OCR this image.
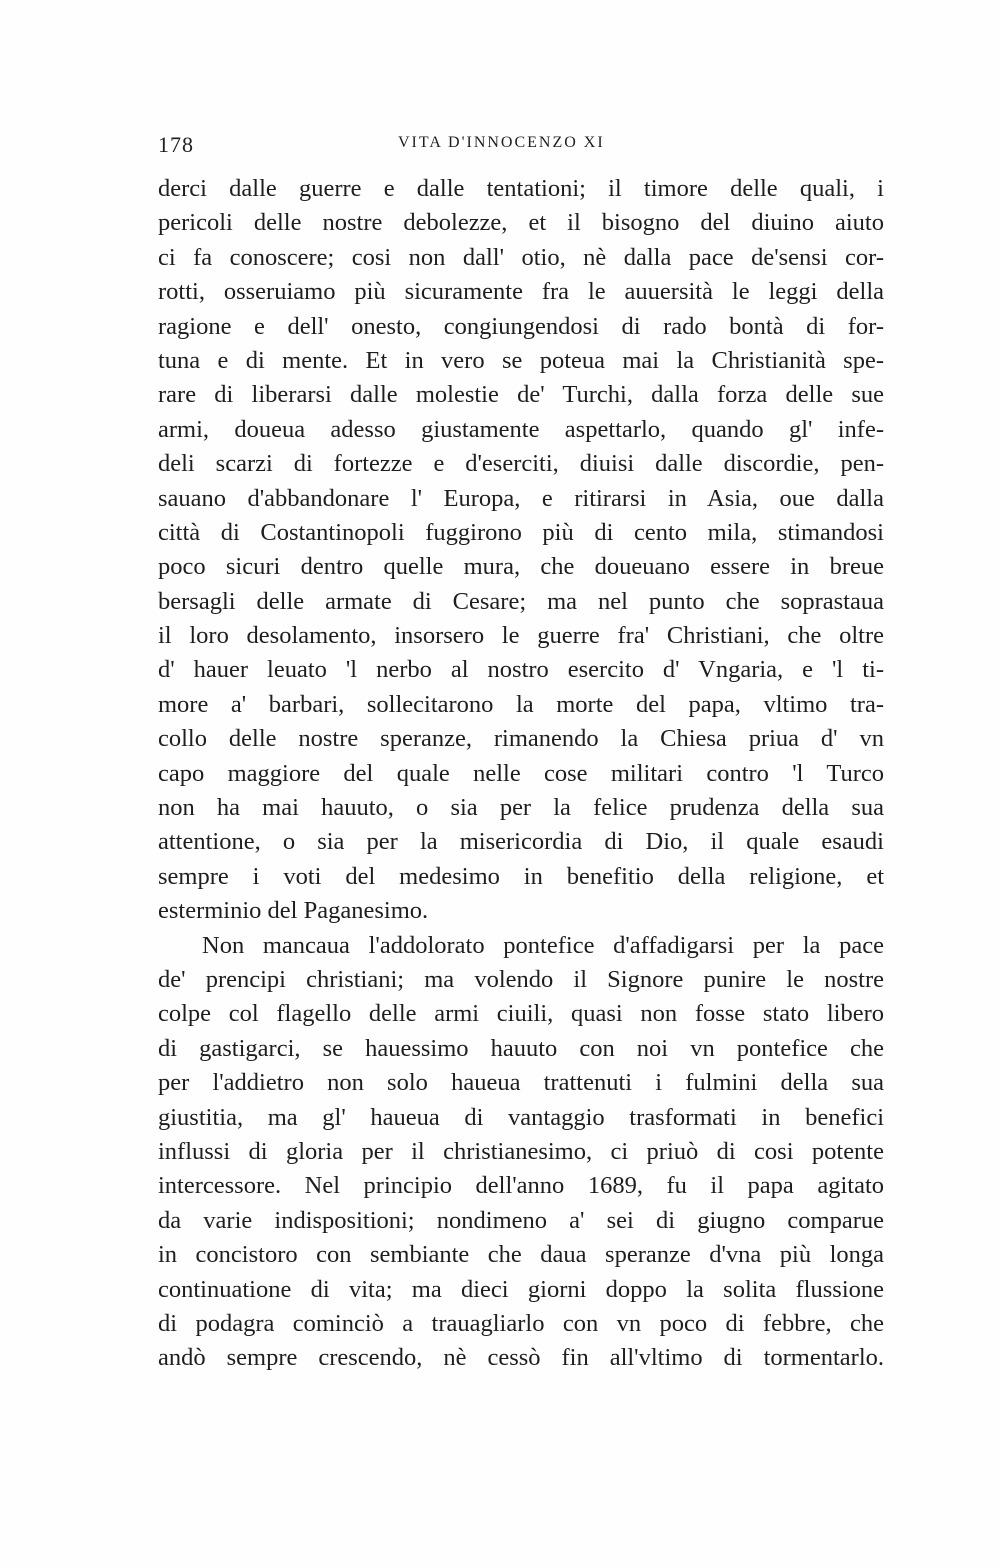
178	VITA D'INNOCENZO XI
derci dalle guerre e dalle tentationi; il timore delle quali, i
pericoli delle nostre debolezze, et il bisogno del diuino aiuto
ci fa conoscere; cosi non dall' otio, nè dalla pace de'sensi cor-
rotti, osseruiamo più sicuramente fra le auuersità le leggi della
ragione e dell' onesto, congiungendosi di rado bontà di for-
tuna e di mente. Et in vero se poteua mai la Christianità spe-
rare di liberarsi dalle molestie de' Turchi, dalla forza delle sue
armi, doueua adesso giustamente aspettarlo, quando gl' infe-
deli scarzi di fortezze e d'eserciti, diuisi dalle discordie, pen-
sauano d'abbandonare l' Europa, e ritirarsi in Asia, oue dalla
città di Costantinopoli fuggirono più di cento mila, stimandosi
poco sicuri dentro quelle mura, che doueuano essere in breue
bersagli delle armate di Cesare; ma nel punto che soprastaua
il loro desolamento, insorsero le guerre fra' Christiani, che oltre
d' hauer leuato 'l nerbo al nostro esercito d' Vngaria, e 'l ti-
more a' barbari, sollecitarono la morte del papa, vltimo tra-
collo delle nostre speranze, rimanendo la Chiesa priua d' vn
capo maggiore del quale nelle cose militari contro 'l Turco
non ha mai hauuto, o sia per la felice prudenza della sua
attentione, o sia per la misericordia di Dio, il quale esaudi
sempre i voti del medesimo in benefitio della religione, et
esterminio del Paganesimo.
Non mancaua l'addolorato pontefice d'affadigarsi per la pace
de' prencipi christiani; ma volendo il Signore punire le nostre
colpe col flagello delle armi ciuili, quasi non fosse stato libero
di gastigarci, se hauessimo hauuto con noi vn pontefice che
per l'addietro non solo haueua trattenuti i fulmini della sua
giustitia, ma gl' haueua di vantaggio trasformati in benefici
influssi di gloria per il christianesimo, ci priuò di cosi potente
intercessore. Nel principio dell'anno 1689, fu il papa agitato
da varie indispositioni; nondimeno a' sei di giugno comparue
in concistoro con sembiante che daua speranze d'vna più longa
continuatione di vita; ma dieci giorni doppo la solita flussione
di podagra cominciò a trauagliarlo con vn poco di febbre, che
andò sempre crescendo, nè cessò fin all'vltimo di tormentarlo.
